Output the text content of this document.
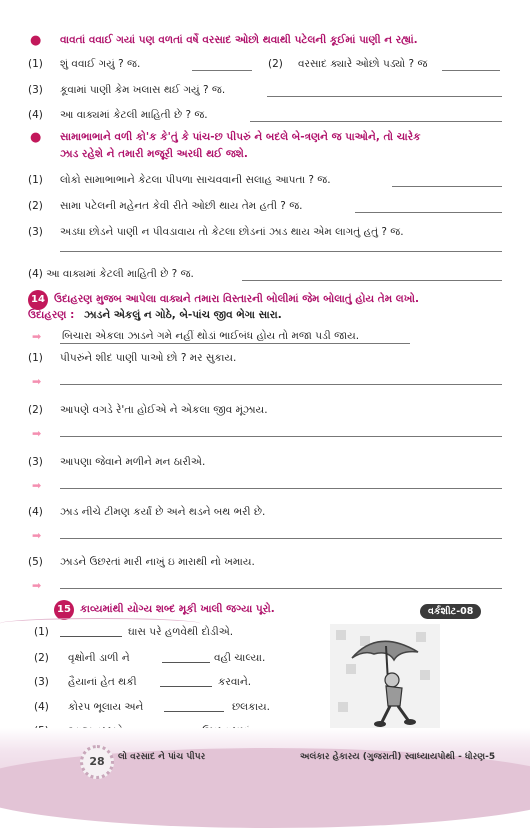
● વાવતાં વવાઈ ગયાં પણ વળતાં વર્ષે વરસાદ ઓછો થવાથી પટેલની કૂઈમાં પાણી ન રહ્યાં.
(1) શું વવાઈ ગયું ? જ.	(2) વરસાદ ક્યારે ઓછો પડ્યો ? જ
(3) કૂવામાં પાણી કેમ ખલાસ થઈ ગયું ? જ.
(4) આ વાક્યમાં કેટલી માહિતી છે ? જ.
● સામાભાભાને વળી કો'ક કે'તું કે પાંચ-છ પીપરું ને બદલે બે-ત્રણને જ પાઓને, તો ચારેક
ઝાડ રહેશે ને તમારી મજૂરી અરધી થઈ જશે.
(1) લોકો સામાભાભાને કેટલા પીપળા સાચવવાની સલાહ આપતા ? જ.
(2) સામા પટેલની મહેનત કેવી રીતે ઓછી થાય તેમ હતી ? જ.
(3) અડધા છોડને પાણી ન પીવડાવાય તો કેટલા છોડનાં ઝાડ થાય એમ લાગતું હતું ? જ.
(4) આ વાક્યમાં કેટલી માહિતી છે ? જ.
14 ઉદાહરણ મુજબ આપેલા વાક્યને તમારા વિસ્તારની બોલીમાં જેમ બોલાતું હોય તેમ લખો.
ઉદાહરણ : ઝાડને એકલું ન ગોઠે, બે-પાંચ જીવ ભેગા સારા.
➡ બિચારા એકલા ઝાડને ગમે નહીં થોડાં ભાઈબંધ હોય તો મજા પડી જાય.
(1) પીપરુંને શીદ પાણી પાઓ છો ? મર સુકાય.
➡
(2) આપણે વગડે રે'તા હોઈએ ને એકલા જીવ મૂંઝાય.
➡
(3) આપણા જેવાને મળીને મન ઠારીએ.
➡
(4) ઝાડ નીચે ટીમણ કર્યાં છે અને થડને બથ ભરી છે.
➡
(5) ઝાડને ઉછરતાં મારી નાખું ઇ મારાથી નો ખમાય.
➡
15 કાવ્યમાંથી યોગ્ય શબ્દ મૂકી ખાલી જગ્યા પૂરો.	વર્કશીટ-08
(1)	ઘાસ પરે હળવેથી દોડીએ.
(2) વૃક્ષોની ડાળી ને	વહી ચાલ્યા.
(3) હૈયાનાં હેત થકી	કરવાને.
(4) કોરપ ભૂલાય અને	છલકાય.
28	લો વરસાદ ને પાંચ પીપર	અલંકાર હેકારય (ગુજરાતી) સ્વાધ્યાયપોથી - ધોરણ-5
